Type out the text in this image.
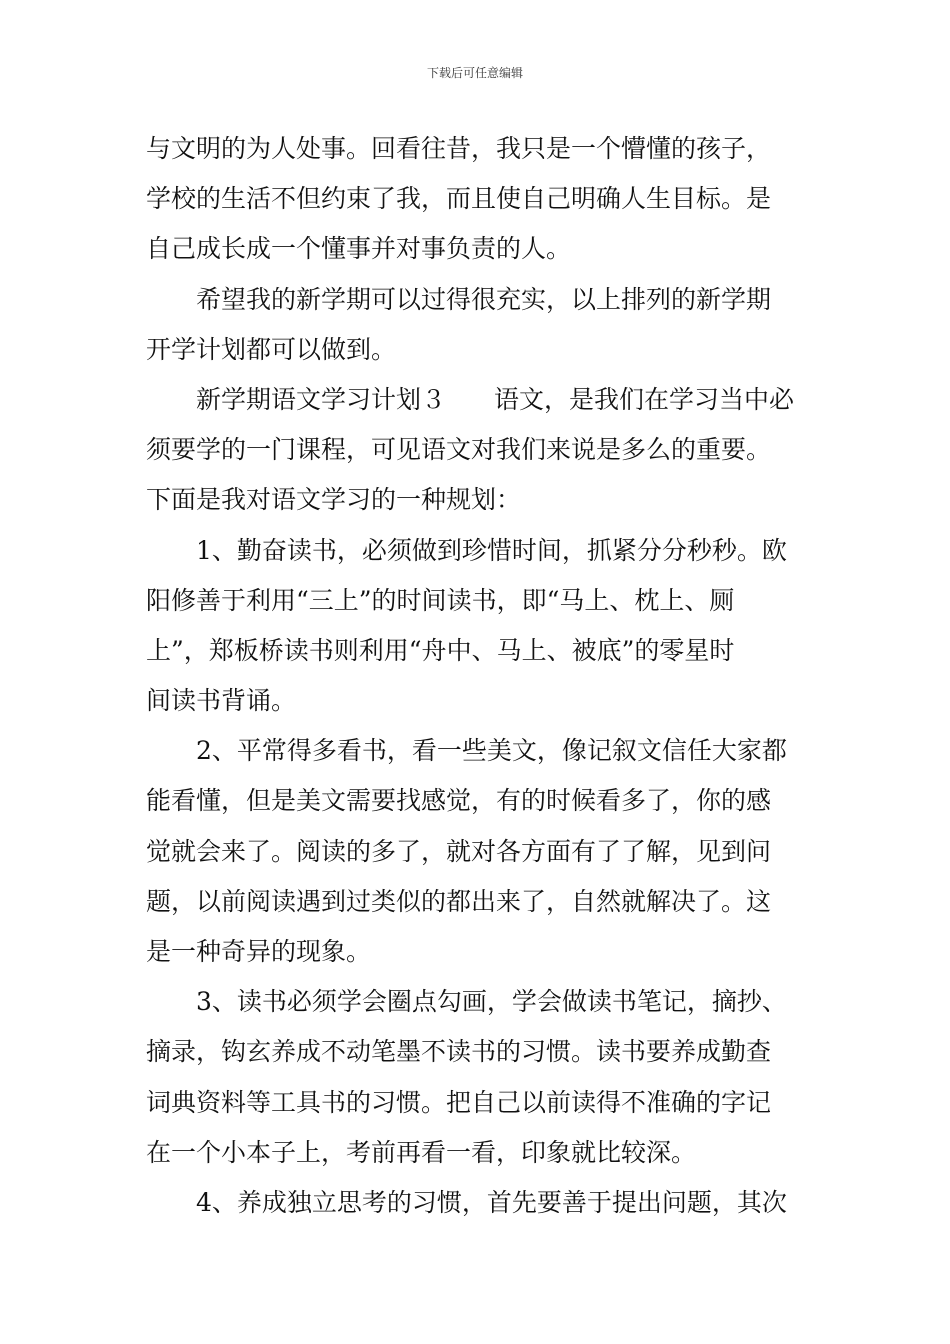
下载后可任意编辑
与文明的为人处事。回看往昔，我只是一个懵懂的孩子，
学校的生活不但约束了我，而且使自己明确人生目标。是
自己成长成一个懂事并对事负责的人。
希望我的新学期可以过得很充实，以上排列的新学期
开学计划都可以做到。
新学期语文学习计划３ 语文，是我们在学习当中必
须要学的一门课程，可见语文对我们来说是多么的重要。
下面是我对语文学习的一种规划：
1、勤奋读书，必须做到珍惜时间，抓紧分分秒秒。欧
阳修善于利用“三上”的时间读书，即“马上、枕上、厕
上”，郑板桥读书则利用“舟中、马上、被底”的零星时
间读书背诵。
2、平常得多看书，看一些美文，像记叙文信任大家都
能看懂，但是美文需要找感觉，有的时候看多了，你的感
觉就会来了。阅读的多了，就对各方面有了了解，见到问
题，以前阅读遇到过类似的都出来了，自然就解决了。这
是一种奇异的现象。
3、读书必须学会圈点勾画，学会做读书笔记，摘抄、
摘录，钩玄养成不动笔墨不读书的习惯。读书要养成勤查
词典资料等工具书的习惯。把自己以前读得不准确的字记
在一个小本子上，考前再看一看，印象就比较深。
4、养成独立思考的习惯，首先要善于提出问题，其次
